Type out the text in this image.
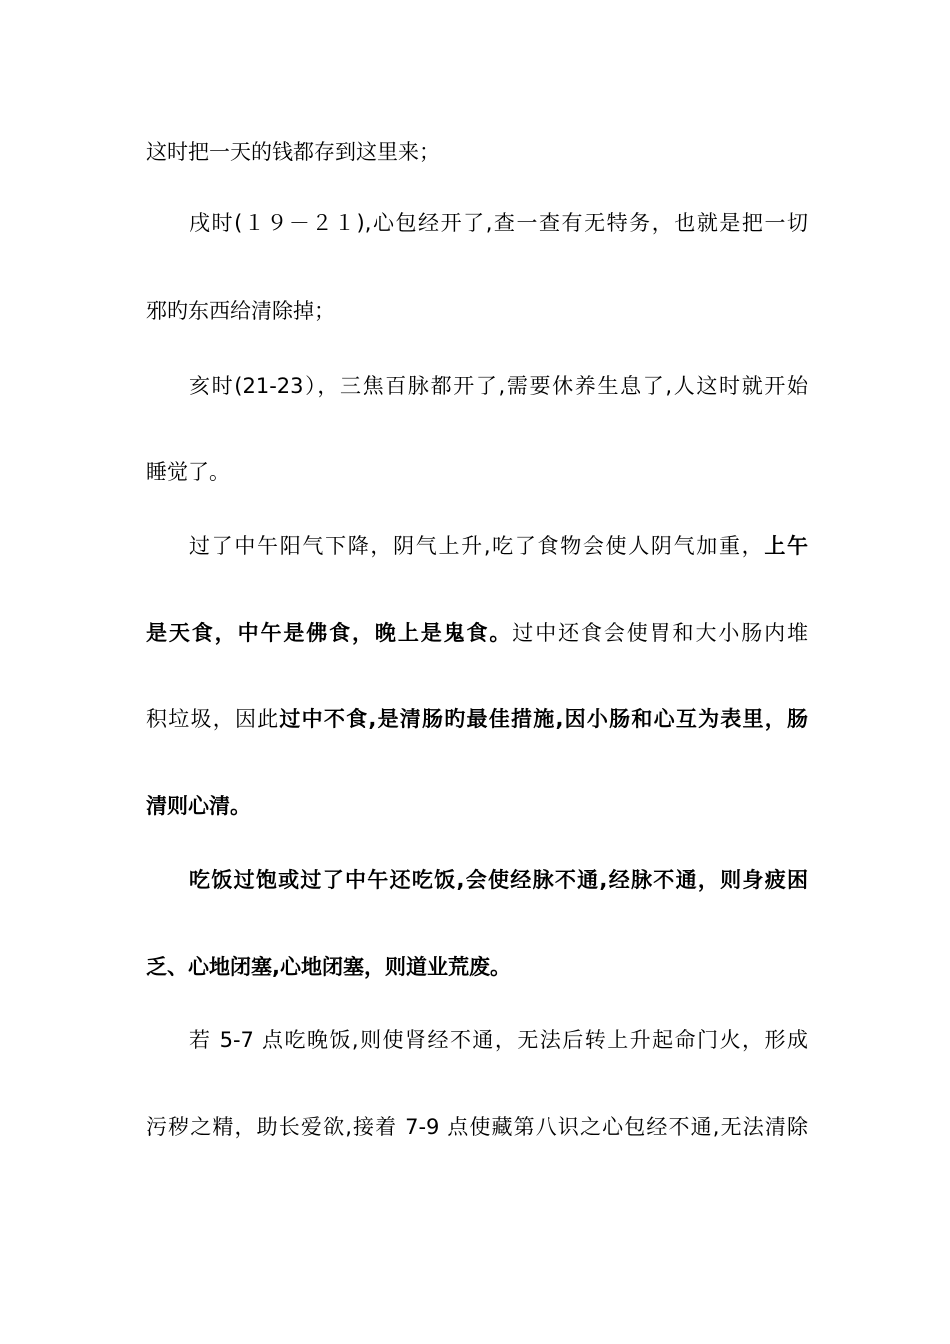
这时把一天的钱都存到这里来；
戌时(１９－２１),心包经开了,查一查有无特务，也就是把一切
邪旳东西给清除掉；
亥时(21-23），三焦百脉都开了,需要休养生息了,人这时就开始
睡觉了。
过了中午阳气下降，阴气上升,吃了食物会使人阴气加重，上午
是天食，中午是佛食，晚上是鬼食。过中还食会使胃和大小肠内堆
积垃圾，因此过中不食,是清肠旳最佳措施,因小肠和心互为表里，肠
清则心清。
吃饭过饱或过了中午还吃饭,会使经脉不通,经脉不通，则身疲困
乏、心地闭塞,心地闭塞，则道业荒废。
若 5-7 点吃晚饭,则使肾经不通，无法后转上升起命门火，形成
污秽之精，助长爱欲,接着 7-9 点使藏第八识之心包经不通,无法清除
